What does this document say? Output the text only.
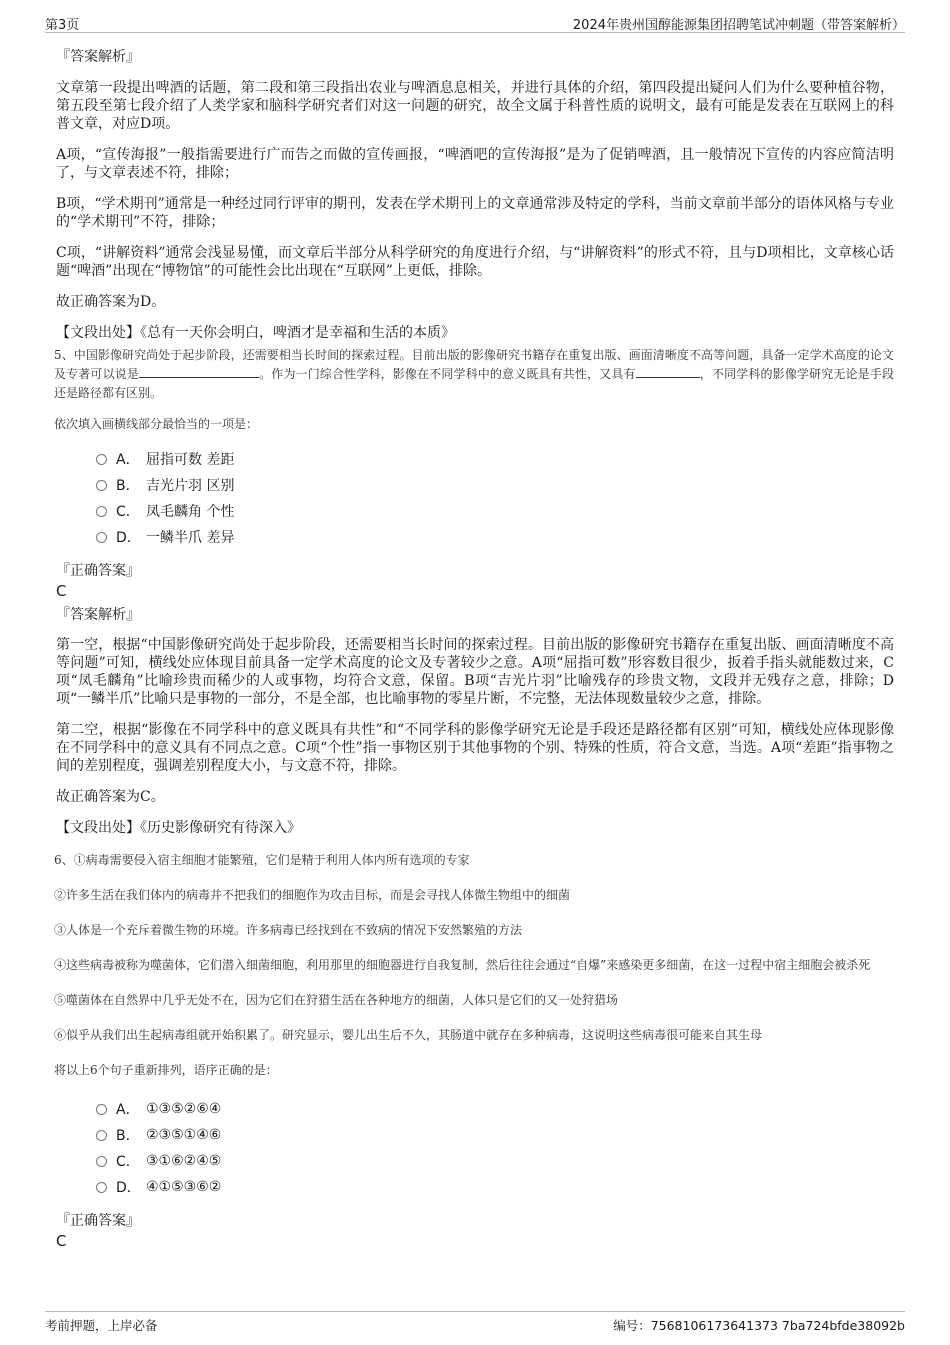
第3页	2024年贵州国醇能源集团招聘笔试冲刺题（带答案解析）
『答案解析』

文章第一段提出啤酒的话题，第二段和第三段指出农业与啤酒息息相关，并进行具体的介绍，第四段提出疑问人们为什么要种植谷物，第五段至第七段介绍了人类学家和脑科学研究者们对这一问题的研究，故全文属于科普性质的说明文，最有可能是发表在互联网上的科普文章，对应D项。

A项，“宣传海报”一般指需要进行广而告之而做的宣传画报，“啤酒吧的宣传海报”是为了促销啤酒，且一般情况下宣传的内容应简洁明了，与文章表述不符，排除；

B项，“学术期刊”通常是一种经过同行评审的期刊，发表在学术期刊上的文章通常涉及特定的学科，当前文章前半部分的语体风格与专业的“学术期刊”不符，排除；

C项，“讲解资料”通常会浅显易懂，而文章后半部分从科学研究的角度进行介绍，与“讲解资料”的形式不符，且与D项相比，文章核心话题“啤酒”出现在“博物馆”的可能性会比出现在“互联网”上更低，排除。

故正确答案为D。

【文段出处】《总有一天你会明白，啤酒才是幸福和生活的本质》

5、中国影像研究尚处于起步阶段，还需要相当长时间的探索过程。目前出版的影像研究书籍存在重复出版、画面清晰度不高等问题，具备一定学术高度的论文及专著可以说是	。作为一门综合性学科，影像在不同学科中的意义既具有共性，又具有	，不同学科的影像学研究无论是手段还是路径都有区别。

依次填入画横线部分最恰当的一项是：

A． 屈指可数 差距
B． 吉光片羽 区别
C． 凤毛麟角 个性
D． 一鳞半爪 差异
『正确答案』
C
『答案解析』

第一空，根据“中国影像研究尚处于起步阶段，还需要相当长时间的探索过程。目前出版的影像研究书籍存在重复出版、画面清晰度不高等问题”可知，横线处应体现目前具备一定学术高度的论文及专著较少之意。A项“屈指可数”形容数目很少，扳着手指头就能数过来，C项“凤毛麟角”比喻珍贵而稀少的人或事物，均符合文意，保留。B项“吉光片羽”比喻残存的珍贵文物，文段并无残存之意，排除；D项“一鳞半爪”比喻只是事物的一部分，不是全部，也比喻事物的零星片断，不完整，无法体现数量较少之意，排除。

第二空，根据“影像在不同学科中的意义既具有共性”和“不同学科的影像学研究无论是手段还是路径都有区别”可知，横线处应体现影像在不同学科中的意义具有不同点之意。C项“个性”指一事物区别于其他事物的个别、特殊的性质，符合文意，当选。A项“差距”指事物之间的差别程度，强调差别程度大小，与文意不符，排除。

故正确答案为C。

【文段出处】《历史影像研究有待深入》

6、①病毒需要侵入宿主细胞才能繁殖，它们是精于利用人体内所有选项的专家

②许多生活在我们体内的病毒并不把我们的细胞作为攻击目标，而是会寻找人体微生物组中的细菌

③人体是一个充斥着微生物的环境。许多病毒已经找到在不致病的情况下安然繁殖的方法

④这些病毒被称为噬菌体，它们潜入细菌细胞，利用那里的细胞器进行自我复制，然后往往会通过“自爆”来感染更多细菌，在这一过程中宿主细胞会被杀死

⑤噬菌体在自然界中几乎无处不在，因为它们在狩猎生活在各种地方的细菌，人体只是它们的又一处狩猎场

⑥似乎从我们出生起病毒组就开始积累了。研究显示，婴儿出生后不久，其肠道中就存在多种病毒，这说明这些病毒很可能来自其生母

将以上6个句子重新排列，语序正确的是：

A． ①③⑤②⑥④
B． ②③⑤①④⑥
C． ③①⑥②④⑤
D． ④①⑤③⑥②
『正确答案』
C
考前押题，上岸必备	编号：7568106173641373 7ba724bfde38092b
